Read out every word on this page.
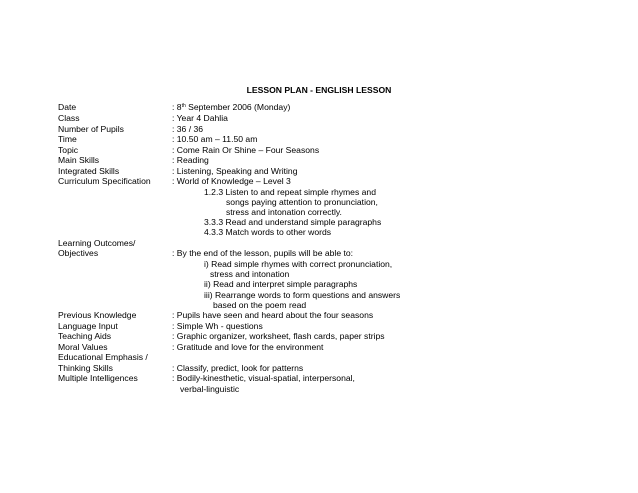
LESSON PLAN - ENGLISH LESSON
Date	: 8th September 2006 (Monday)
Class	: Year 4 Dahlia
Number of Pupils	: 36 / 36
Time	: 10.50 am – 11.50 am
Topic	: Come Rain Or Shine – Four Seasons
Main Skills	: Reading
Integrated Skills	: Listening, Speaking and Writing
Curriculum Specification : World of Knowledge – Level 3
1.2.3 Listen to and repeat simple rhymes and
songs paying attention to pronunciation,
stress and intonation correctly.
3.3.3 Read and understand simple paragraphs
4.3.3 Match words to other words
Learning Outcomes/
Objectives	: By the end of the lesson, pupils will be able to:
i) Read simple rhymes with correct pronunciation,
stress and intonation
ii) Read and interpret simple paragraphs
iii) Rearrange words to form questions and answers
based on the poem read
Previous Knowledge	: Pupils have seen and heard about the four seasons
Language Input	: Simple Wh - questions
Teaching Aids	: Graphic organizer, worksheet, flash cards, paper strips
Moral Values	: Gratitude and love for the environment
Educational Emphasis /
Thinking Skills	: Classify, predict, look for patterns
Multiple Intelligences	: Bodily-kinesthetic, visual-spatial, interpersonal,
verbal-linguistic
